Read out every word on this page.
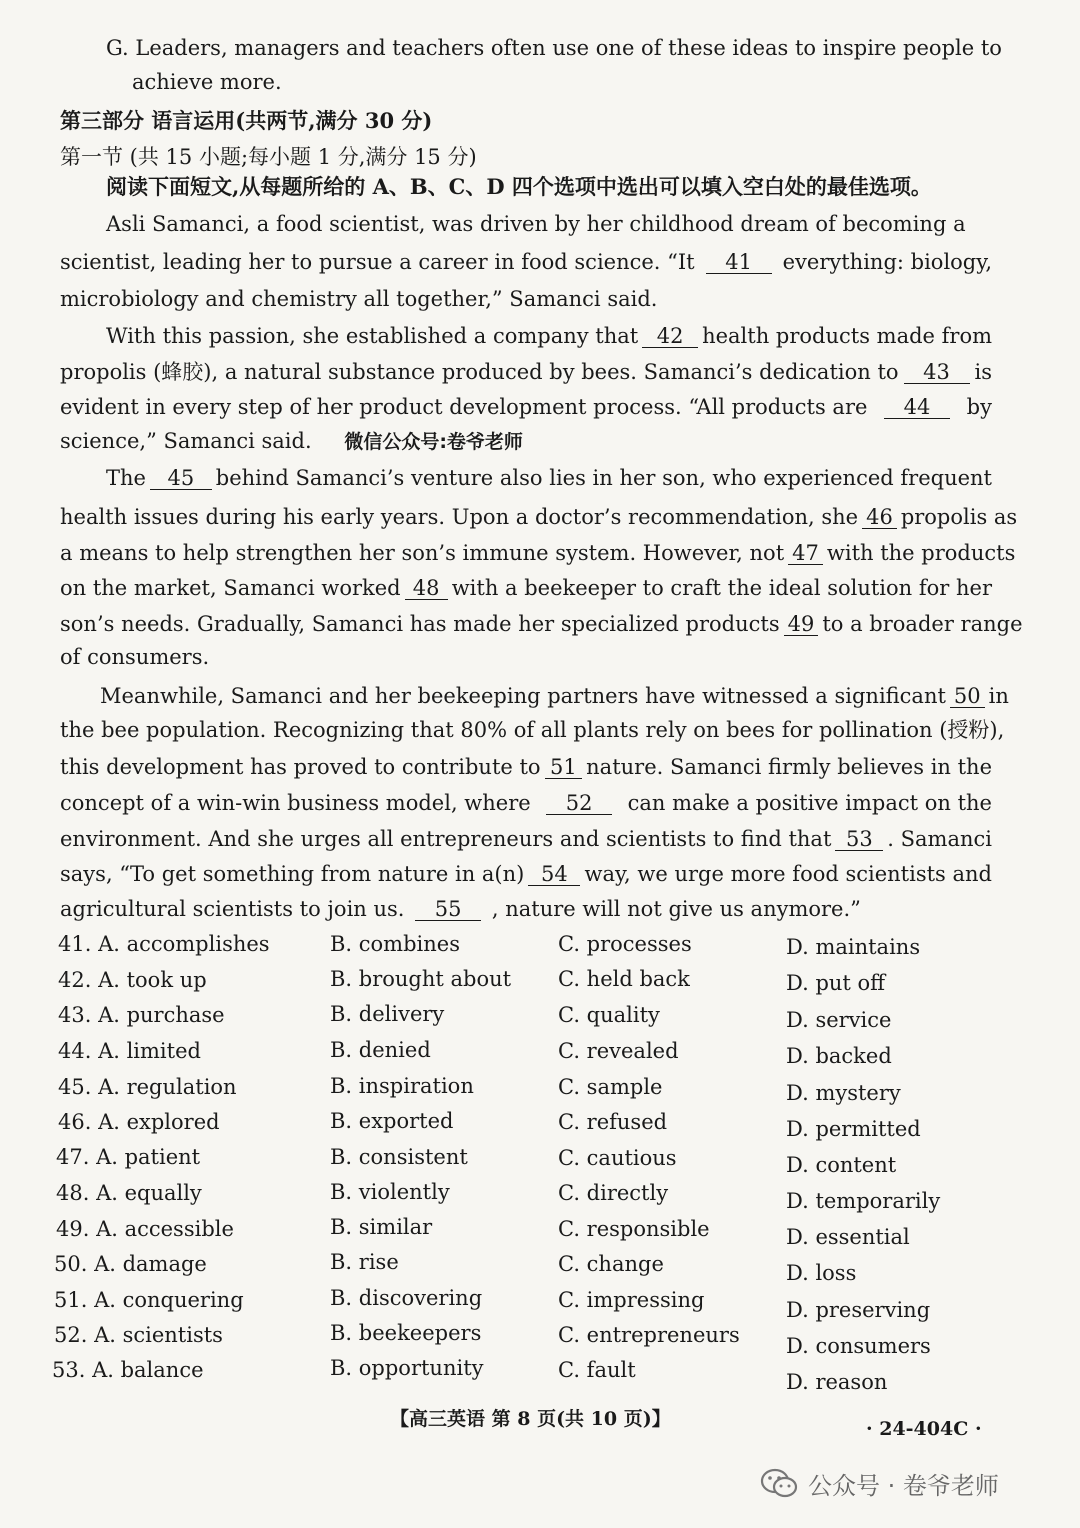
G. Leaders, managers and teachers often use one of these ideas to inspire people to
achieve more.
第三部分 语言运用(共两节,满分 30 分)
第一节 (共 15 小题;每小题 1 分,满分 15 分)
阅读下面短文,从每题所给的 A、B、C、D 四个选项中选出可以填入空白处的最佳选项。
Asli Samanci, a food scientist, was driven by her childhood dream of becoming a
scientist, leading her to pursue a career in food science. “It	41	everything: biology,
microbiology and chemistry all together,” Samanci said.
With this passion, she established a company that 42 health products made from
propolis (蜂胶), a natural substance produced by bees. Samanci’s dedication to	43	is
evident in every step of her product development process. “All products are	44	by
science,” Samanci said. 微信公众号:卷爷老师
The	45	behind Samanci’s venture also lies in her son, who experienced frequent
health issues during his early years. Upon a doctor’s recommendation, she 46 propolis as
a means to help strengthen her son’s immune system. However, not 47 with the products
on the market, Samanci worked 48 with a beekeeper to craft the ideal solution for her
son’s needs. Gradually, Samanci has made her specialized products 49 to a broader range
of consumers.
Meanwhile, Samanci and her beekeeping partners have witnessed a significant 50 in
the bee population. Recognizing that 80% of all plants rely on bees for pollination (授粉),
this development has proved to contribute to 51 nature. Samanci firmly believes in the
concept of a win-win business model, where	52	can make a positive impact on the
environment. And she urges all entrepreneurs and scientists to find that 53 . Samanci
says, “To get something from nature in a(n) 54 way, we urge more food scientists and
agricultural scientists to join us. 55 , nature will not give us anymore.”
41. A. accomplishes	B. combines	C. processes	D. maintains
42. A. took up	B. brought about C. held back	D. put off
43. A. purchase	B. delivery	C. quality	D. service
44. A. limited	B. denied	C. revealed	D. backed
45. A. regulation	B. inspiration	C. sample	D. mystery
46. A. explored	B. exported	C. refused	D. permitted
47. A. patient	B. consistent	C. cautious	D. content
48. A. equally	B. violently	C. directly	D. temporarily
49. A. accessible	B. similar	C. responsible	D. essential
50. A. damage	B. rise	C. change	D. loss
51. A. conquering	B. discovering	C. impressing	D. preserving
52. A. scientists	B. beekeepers	C. entrepreneurs D. consumers
53. A. balance	B. opportunity	C. fault	D. reason
【高三英语 第 8 页(共 10 页)】	· 24-404C ·
公众号 · 卷爷老师
